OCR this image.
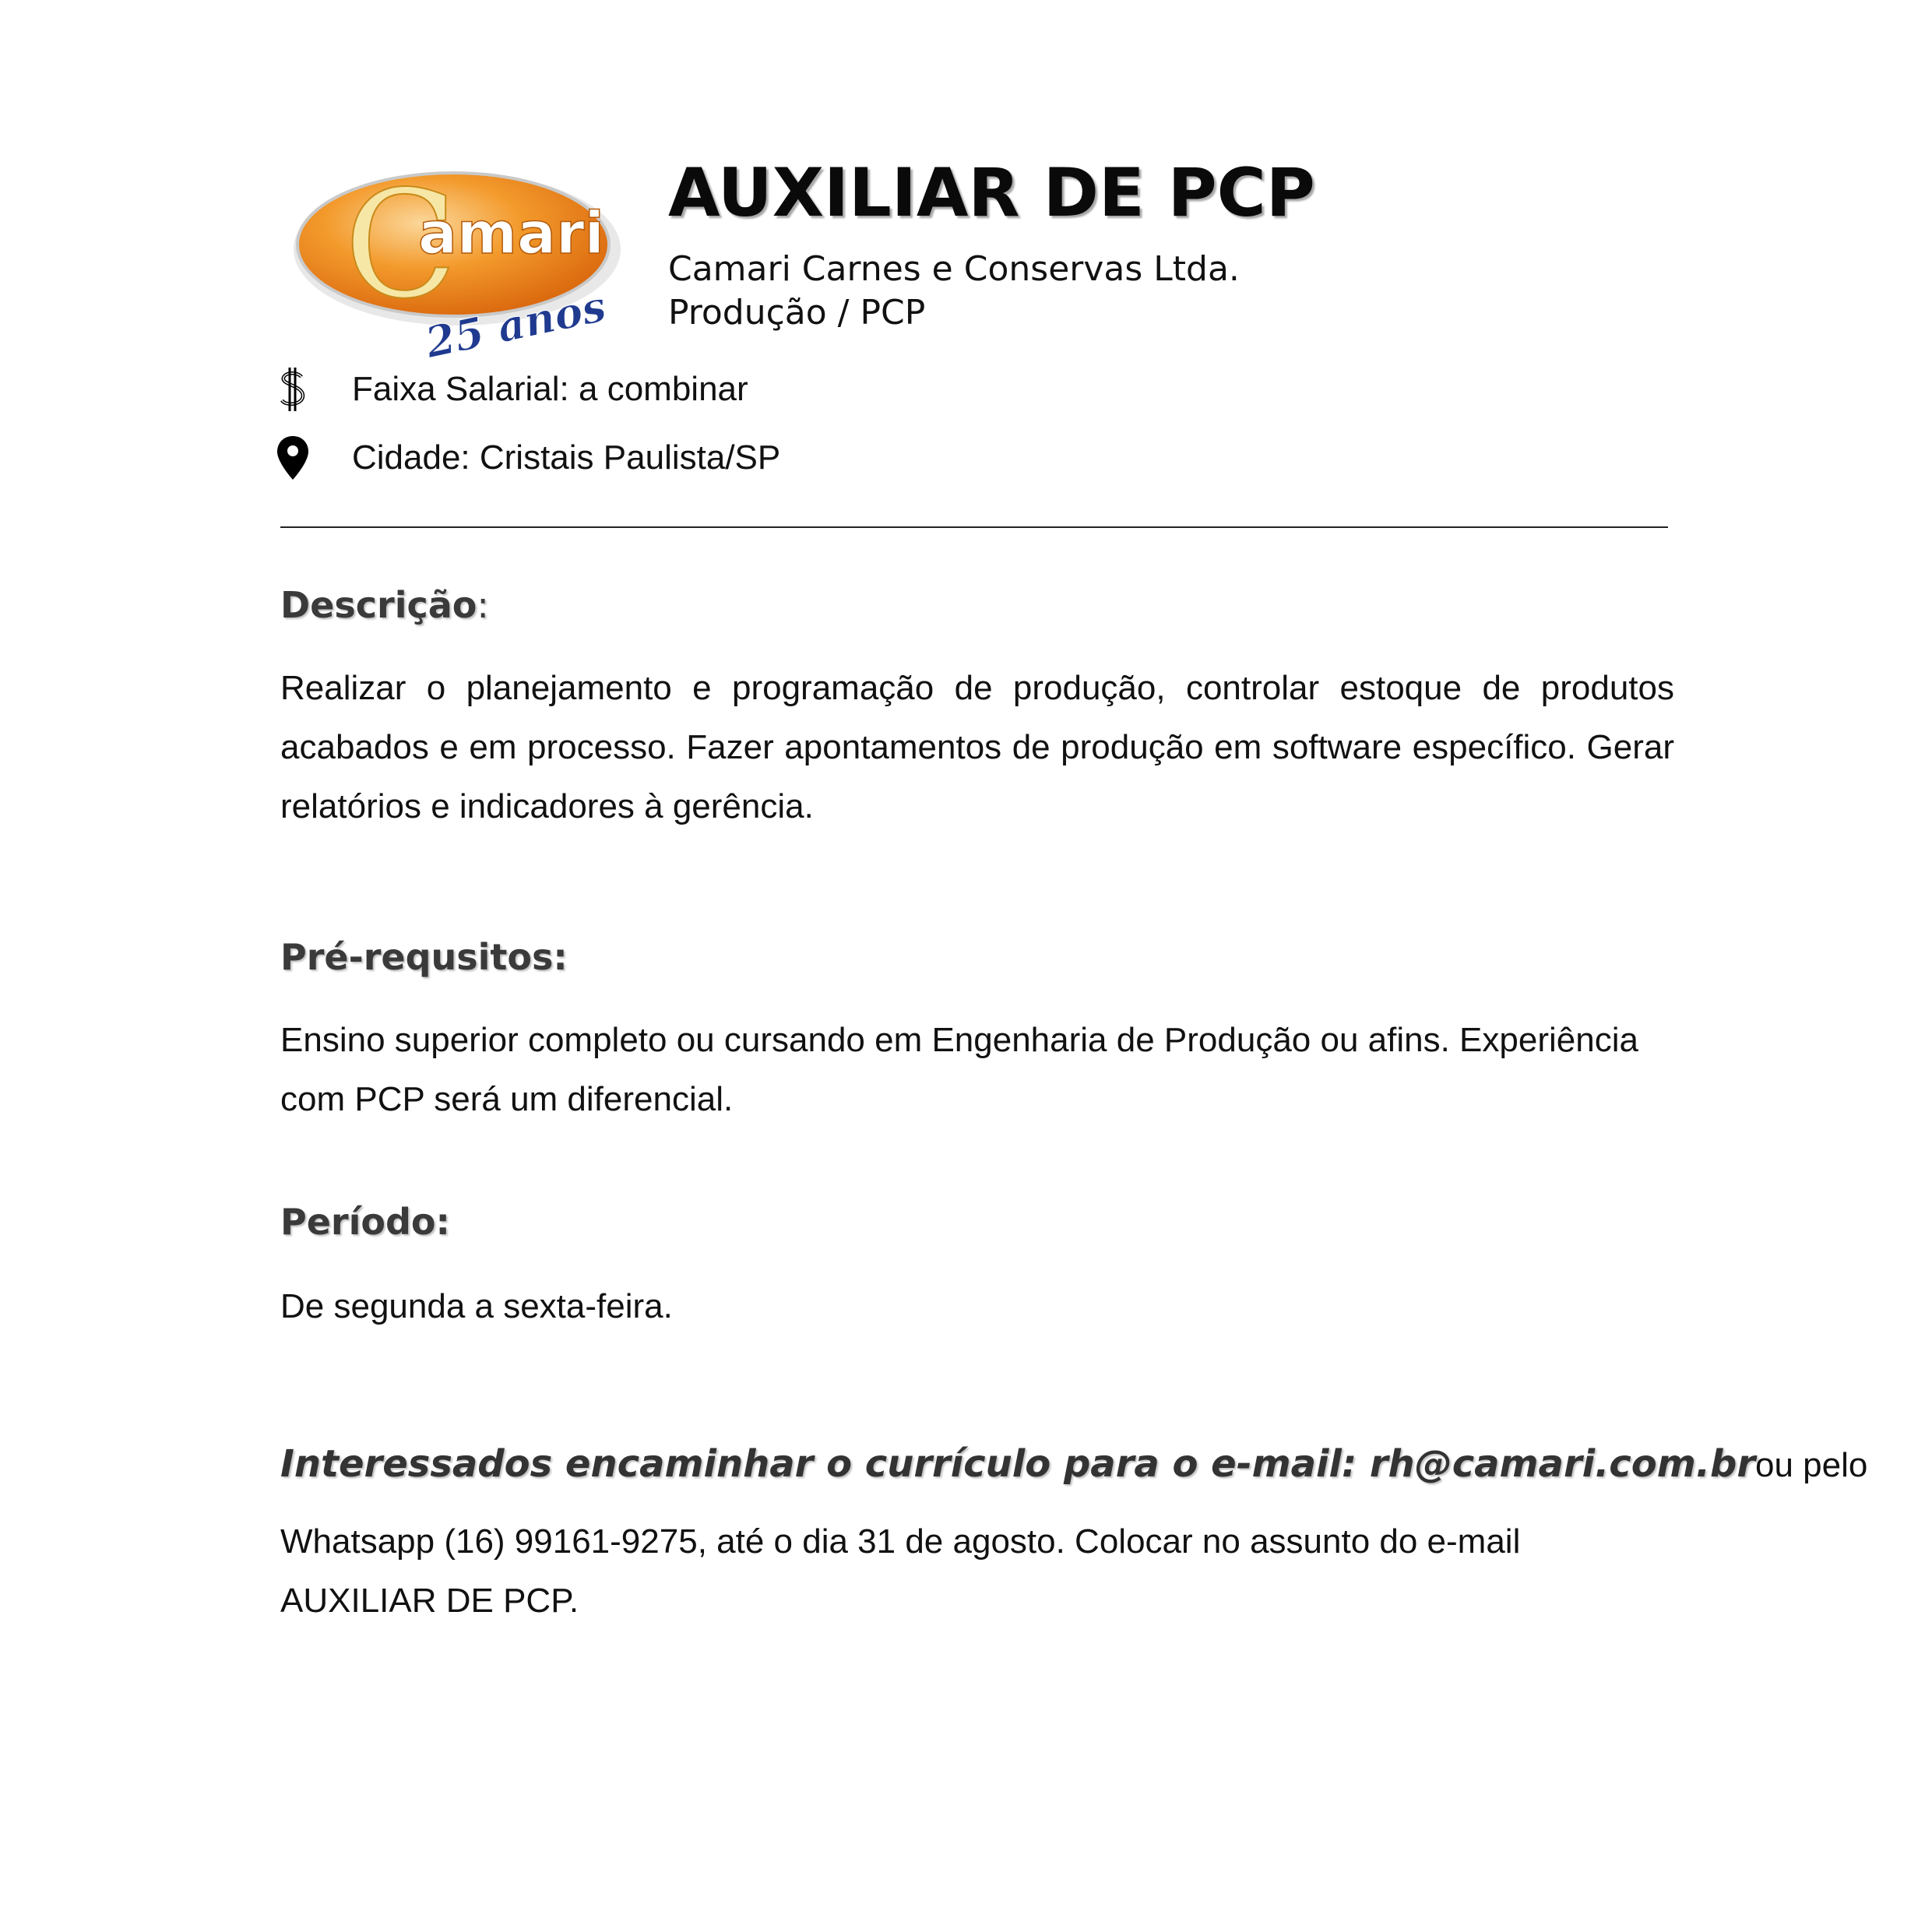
C
amari
25 anos
AUXILIAR DE PCP
Camari Carnes e Conservas Ltda.
Produção / PCP
Faixa Salarial: a combinar
Cidade: Cristais Paulista/SP
Descrição:
Realizar o planejamento e programação de produção, controlar estoque de produtos acabados e em processo. Fazer apontamentos de produção em software específico. Gerar relatórios e indicadores à gerência.
Pré-requsitos:
Ensino superior completo ou cursando em Engenharia de Produção ou afins. Experiência com PCP será um diferencial.
Período:
De segunda a sexta-feira.
Interessados encaminhar o currículo para o e-mail: rh@camari.com.br ou pelo
Whatsapp (16) 99161-9275, até o dia 31 de agosto. Colocar no assunto do e-mail AUXILIAR DE PCP.
